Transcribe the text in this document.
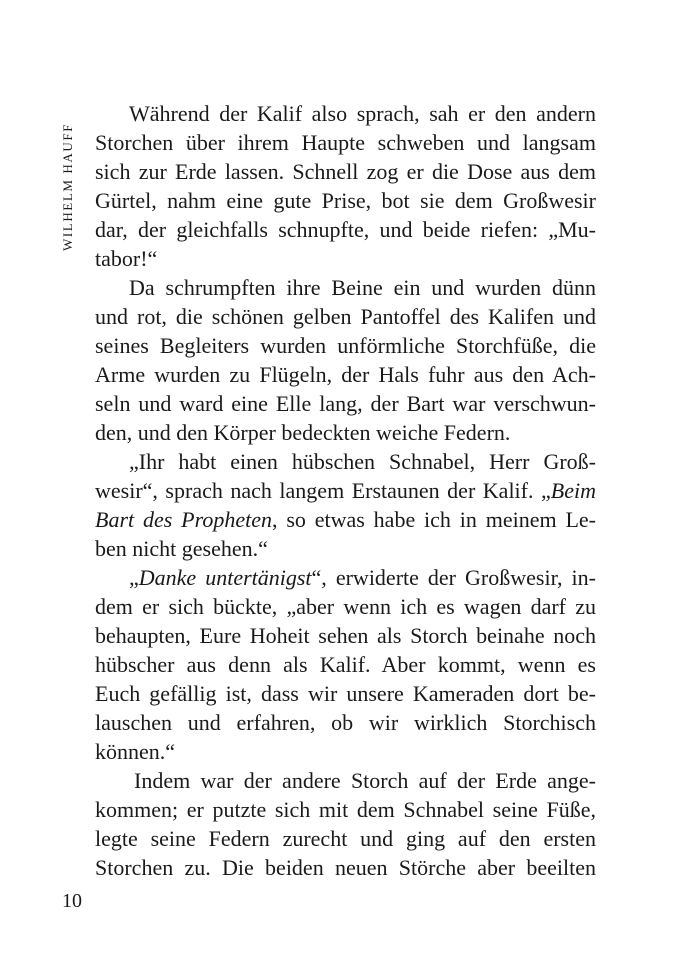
WILHELM HAUFF
Während der Kalif also sprach, sah er den andern
Storchen über ihrem Haupte schweben und langsam
sich zur Erde lassen. Schnell zog er die Dose aus dem
Gürtel, nahm eine gute Prise, bot sie dem Großwesir
dar, der gleichfalls schnupfte, und beide riefen: „Mu-
tabor!“
Da schrumpften ihre Beine ein und wurden dünn
und rot, die schönen gelben Pantoffel des Kalifen und
seines Begleiters wurden unförmliche Storchfüße, die
Arme wurden zu Flügeln, der Hals fuhr aus den Ach-
seln und ward eine Elle lang, der Bart war verschwun-
den, und den Körper bedeckten weiche Federn.
„Ihr habt einen hübschen Schnabel, Herr Groß-
wesir“, sprach nach langem Erstaunen der Kalif. „Beim
Bart des Propheten, so etwas habe ich in meinem Le-
ben nicht gesehen.“
„Danke untertänigst“, erwiderte der Großwesir, in-
dem er sich bückte, „aber wenn ich es wagen darf zu
behaupten, Eure Hoheit sehen als Storch beinahe noch
hübscher aus denn als Kalif. Aber kommt, wenn es
Euch gefällig ist, dass wir unsere Kameraden dort be-
lauschen und erfahren, ob wir wirklich Storchisch
können.“
Indem war der andere Storch auf der Erde ange-
kommen; er putzte sich mit dem Schnabel seine Füße,
legte seine Federn zurecht und ging auf den ersten
Storchen zu. Die beiden neuen Störche aber beeilten
10
